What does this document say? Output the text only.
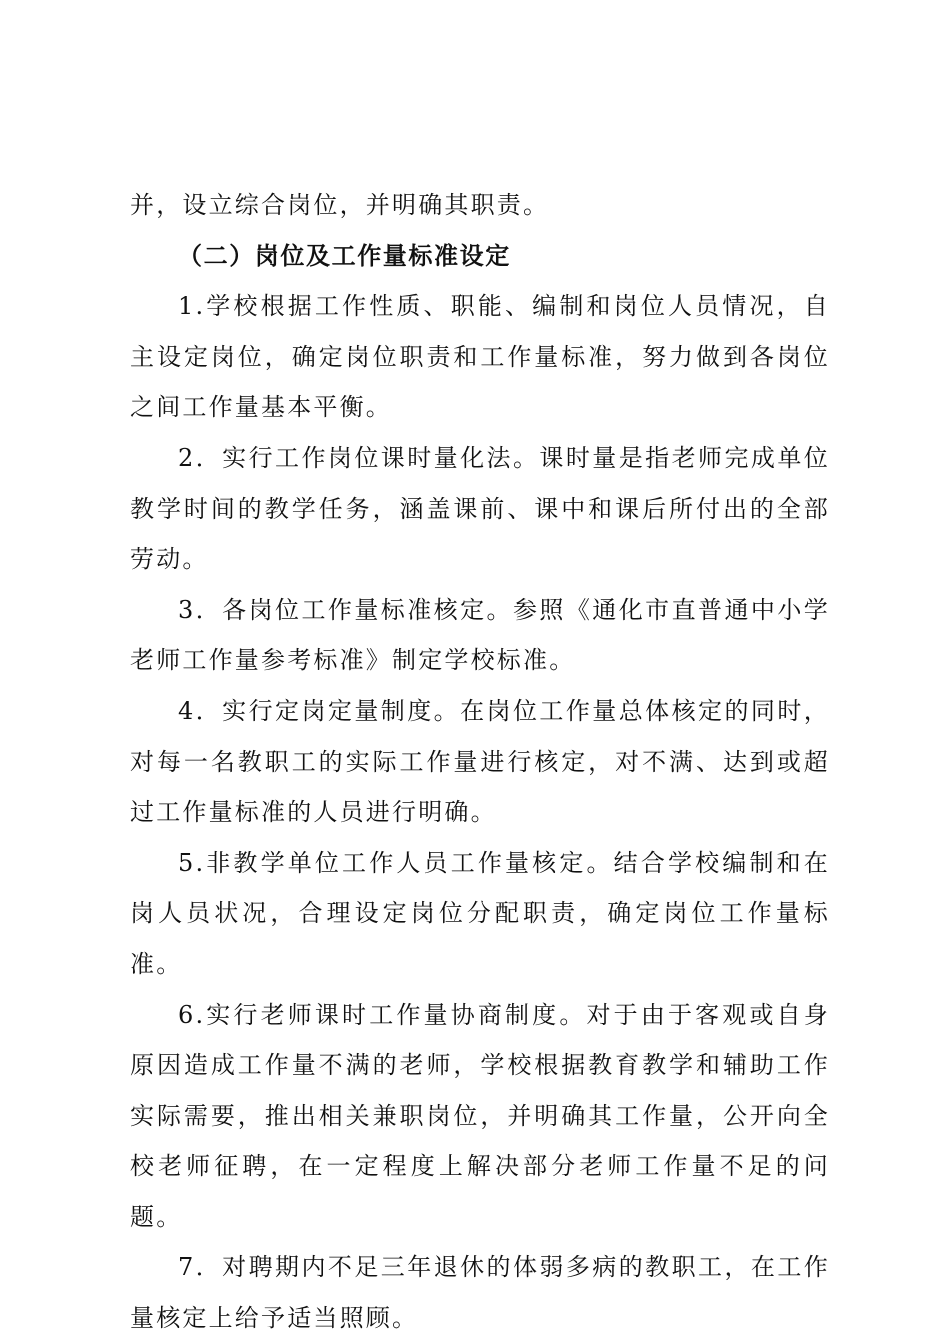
并，设立综合岗位，并明确其职责。

（二）岗位及工作量标准设定

1.学校根据工作性质、职能、编制和岗位人员情况，自主设定岗位，确定岗位职责和工作量标准，努力做到各岗位之间工作量基本平衡。

2．实行工作岗位课时量化法。课时量是指老师完成单位教学时间的教学任务，涵盖课前、课中和课后所付出的全部劳动。

3．各岗位工作量标准核定。参照《通化市直普通中小学老师工作量参考标准》制定学校标准。

4．实行定岗定量制度。在岗位工作量总体核定的同时，对每一名教职工的实际工作量进行核定，对不满、达到或超过工作量标准的人员进行明确。

5.非教学单位工作人员工作量核定。结合学校编制和在岗人员状况，合理设定岗位分配职责，确定岗位工作量标准。

6.实行老师课时工作量协商制度。对于由于客观或自身原因造成工作量不满的老师，学校根据教育教学和辅助工作实际需要，推出相关兼职岗位，并明确其工作量，公开向全校老师征聘，在一定程度上解决部分老师工作量不足的问题。

7．对聘期内不足三年退休的体弱多病的教职工，在工作量核定上给予适当照顾。
